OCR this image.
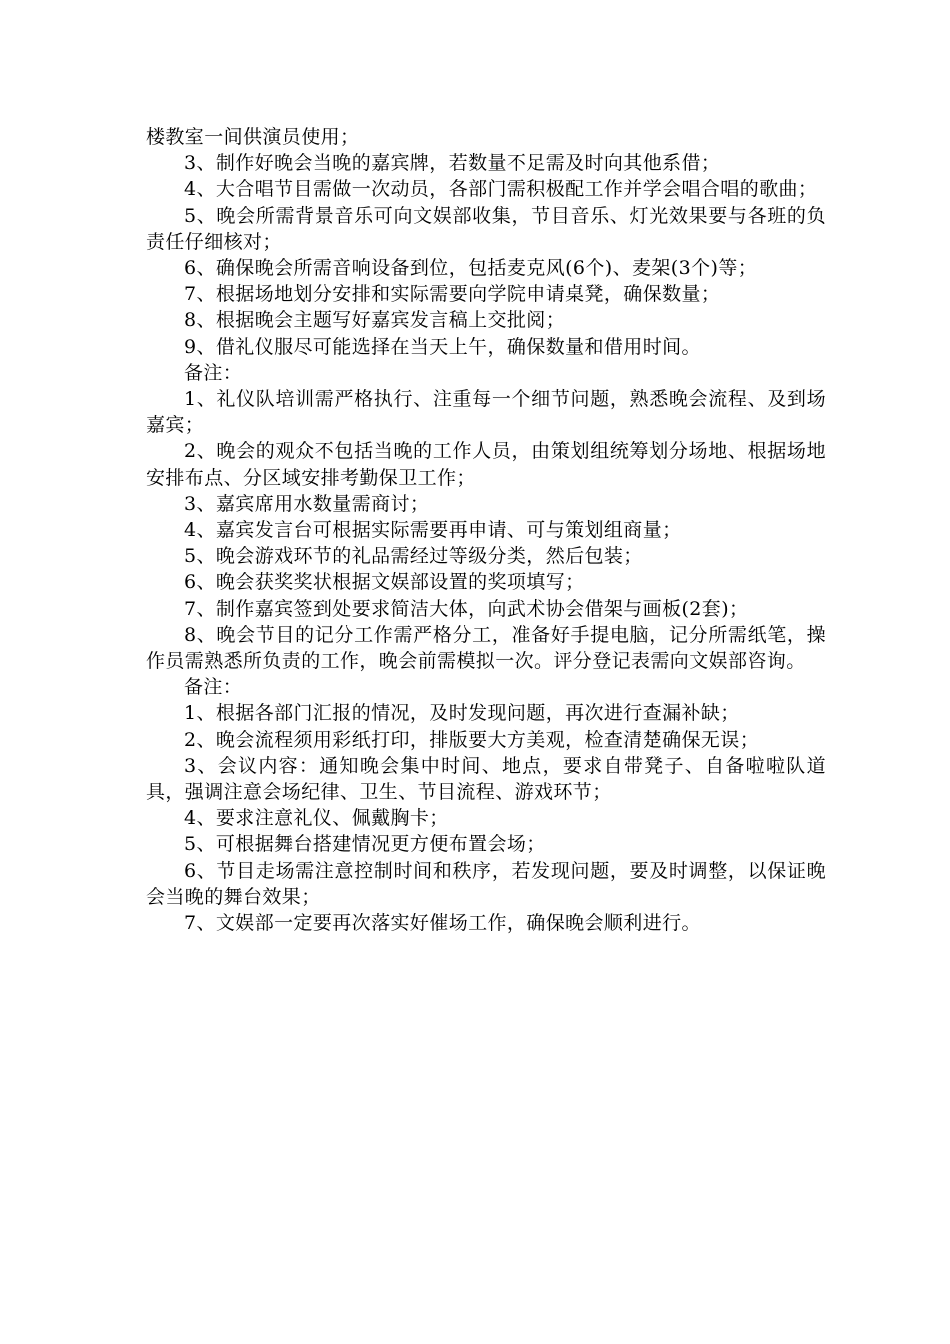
楼教室一间供演员使用；

3、制作好晚会当晚的嘉宾牌，若数量不足需及时向其他系借；

4、大合唱节目需做一次动员，各部门需积极配工作并学会唱合唱的歌曲；

5、晚会所需背景音乐可向文娱部收集，节目音乐、灯光效果要与各班的负责任仔细核对；

6、确保晚会所需音响设备到位，包括麦克风(6个)、麦架(3个)等；

7、根据场地划分安排和实际需要向学院申请桌凳，确保数量；

8、根据晚会主题写好嘉宾发言稿上交批阅；

9、借礼仪服尽可能选择在当天上午，确保数量和借用时间。

备注：

1、礼仪队培训需严格执行、注重每一个细节问题，熟悉晚会流程、及到场嘉宾；

2、晚会的观众不包括当晚的工作人员，由策划组统筹划分场地、根据场地安排布点、分区域安排考勤保卫工作；

3、嘉宾席用水数量需商讨；

4、嘉宾发言台可根据实际需要再申请、可与策划组商量；

5、晚会游戏环节的礼品需经过等级分类，然后包装；

6、晚会获奖奖状根据文娱部设置的奖项填写；

7、制作嘉宾签到处要求简洁大体，向武术协会借架与画板(2套)；

8、晚会节目的记分工作需严格分工，准备好手提电脑，记分所需纸笔，操作员需熟悉所负责的工作，晚会前需模拟一次。评分登记表需向文娱部咨询。

备注：

1、根据各部门汇报的情况，及时发现问题，再次进行查漏补缺；

2、晚会流程须用彩纸打印，排版要大方美观，检查清楚确保无误；

3、会议内容：通知晚会集中时间、地点，要求自带凳子、自备啦啦队道具，强调注意会场纪律、卫生、节目流程、游戏环节；

4、要求注意礼仪、佩戴胸卡；

5、可根据舞台搭建情况更方便布置会场；

6、节目走场需注意控制时间和秩序，若发现问题，要及时调整，以保证晚会当晚的舞台效果；

7、文娱部一定要再次落实好催场工作，确保晚会顺利进行。
